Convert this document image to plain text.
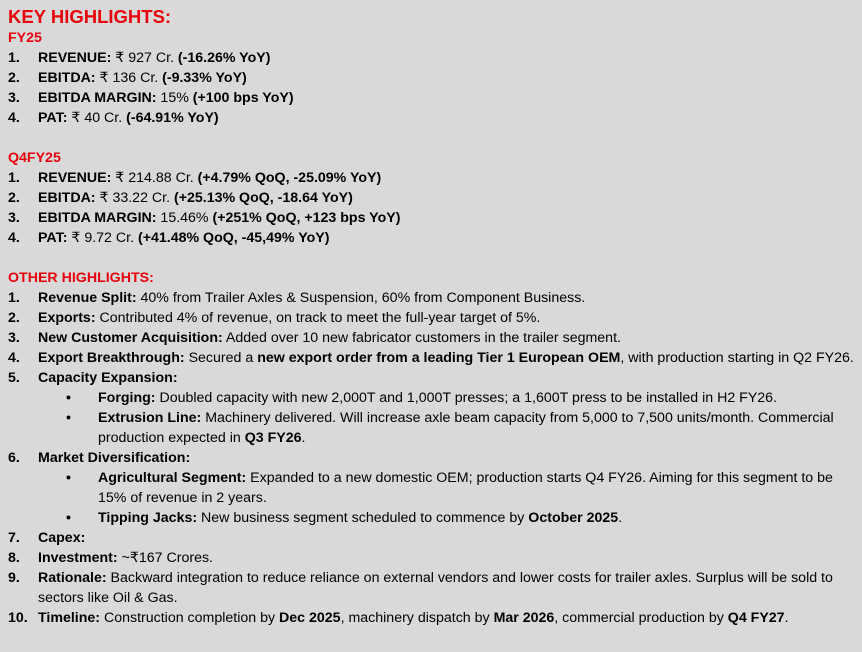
KEY HIGHLIGHTS:
FY25
1.	REVENUE: ₹ 927 Cr. (-16.26% YoY)
2.	EBITDA: ₹ 136 Cr. (-9.33% YoY)
3.	EBITDA MARGIN: 15% (+100 bps YoY)
4.	PAT: ₹ 40 Cr. (-64.91% YoY)
Q4FY25
1.	REVENUE: ₹ 214.88 Cr. (+4.79% QoQ, -25.09% YoY)
2.	EBITDA: ₹ 33.22 Cr. (+25.13% QoQ, -18.64 YoY)
3.	EBITDA MARGIN: 15.46% (+251% QoQ, +123 bps YoY)
4.	PAT: ₹ 9.72 Cr. (+41.48% QoQ, -45,49% YoY)
OTHER HIGHLIGHTS:
1.	Revenue Split: 40% from Trailer Axles & Suspension, 60% from Component Business.
2.	Exports: Contributed 4% of revenue, on track to meet the full-year target of 5%.
3.	New Customer Acquisition: Added over 10 new fabricator customers in the trailer segment.
4.	Export Breakthrough: Secured a new export order from a leading Tier 1 European OEM, with production starting in Q2 FY26.
5.	Capacity Expansion:
•	Forging: Doubled capacity with new 2,000T and 1,000T presses; a 1,600T press to be installed in H2 FY26.
•	Extrusion Line: Machinery delivered. Will increase axle beam capacity from 5,000 to 7,500 units/month. Commercial production expected in Q3 FY26.
6.	Market Diversification:
•	Agricultural Segment: Expanded to a new domestic OEM; production starts Q4 FY26. Aiming for this segment to be 15% of revenue in 2 years.
•	Tipping Jacks: New business segment scheduled to commence by October 2025.
7.	Capex:
8.	Investment: ~₹167 Crores.
9.	Rationale: Backward integration to reduce reliance on external vendors and lower costs for trailer axles. Surplus will be sold to sectors like Oil & Gas.
10. Timeline: Construction completion by Dec 2025, machinery dispatch by Mar 2026, commercial production by Q4 FY27.
